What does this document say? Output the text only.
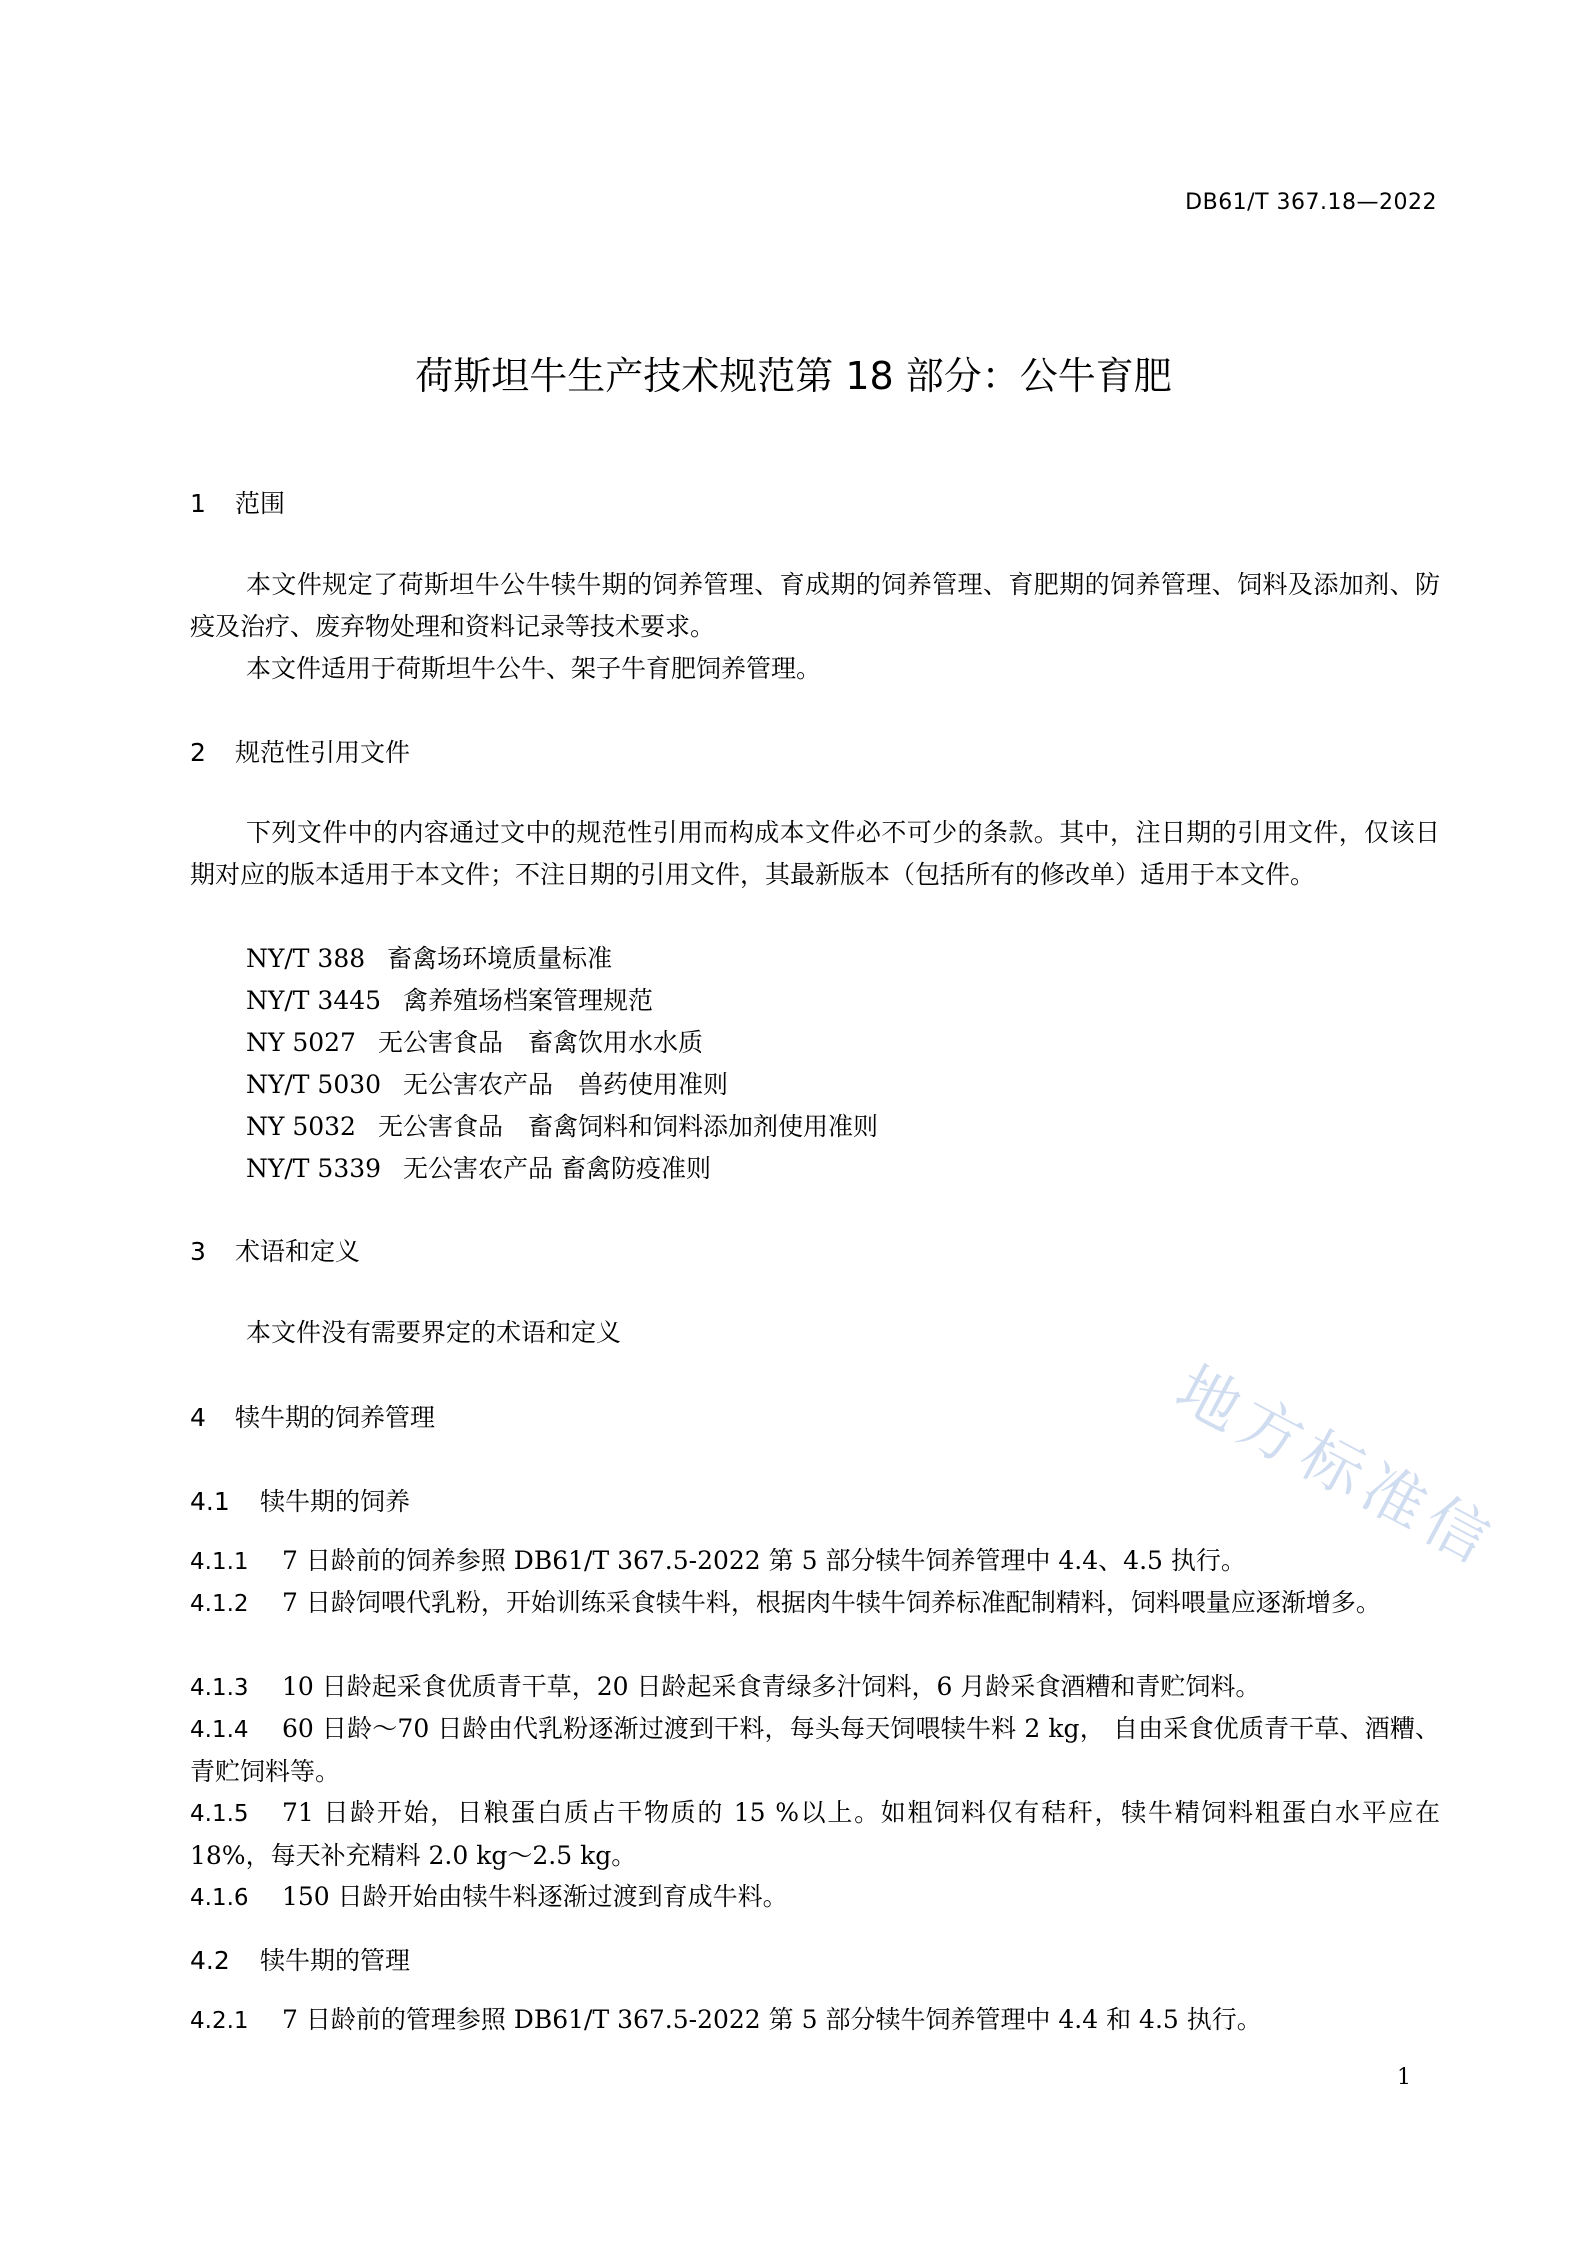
DB61/T 367.18—2022
荷斯坦牛生产技术规范第 18 部分：公牛育肥
1 范围
本文件规定了荷斯坦牛公牛犊牛期的饲养管理、育成期的饲养管理、育肥期的饲养管理、饲料及添加剂、防疫及治疗、废弃物处理和资料记录等技术要求。
本文件适用于荷斯坦牛公牛、架子牛育肥饲养管理。
2 规范性引用文件
下列文件中的内容通过文中的规范性引用而构成本文件必不可少的条款。其中，注日期的引用文件，仅该日期对应的版本适用于本文件；不注日期的引用文件，其最新版本（包括所有的修改单）适用于本文件。
NY/T 388 畜禽场环境质量标准
NY/T 3445 禽养殖场档案管理规范
NY 5027 无公害食品　畜禽饮用水水质
NY/T 5030 无公害农产品　兽药使用准则
NY 5032 无公害食品　畜禽饲料和饲料添加剂使用准则
NY/T 5339 无公害农产品 畜禽防疫准则
3 术语和定义
本文件没有需要界定的术语和定义
4 犊牛期的饲养管理
4.1 犊牛期的饲养
4.1.1 7 日龄前的饲养参照 DB61/T 367.5-2022 第 5 部分犊牛饲养管理中 4.4、4.5 执行。
4.1.2 7 日龄饲喂代乳粉，开始训练采食犊牛料，根据肉牛犊牛饲养标准配制精料，饲料喂量应逐渐增多。
4.1.3 10 日龄起采食优质青干草，20 日龄起采食青绿多汁饲料，6 月龄采食酒糟和青贮饲料。
4.1.4 60 日龄～70 日龄由代乳粉逐渐过渡到干料，每头每天饲喂犊牛料 2 kg， 自由采食优质青干草、酒糟、青贮饲料等。
4.1.5 71 日龄开始，日粮蛋白质占干物质的 15 %以上。如粗饲料仅有秸秆，犊牛精饲料粗蛋白水平应在 18%，每天补充精料 2.0 kg～2.5 kg。
4.1.6 150 日龄开始由犊牛料逐渐过渡到育成牛料。
4.2 犊牛期的管理
4.2.1 7 日龄前的管理参照 DB61/T 367.5-2022 第 5 部分犊牛饲养管理中 4.4 和 4.5 执行。
地方标准信
1
